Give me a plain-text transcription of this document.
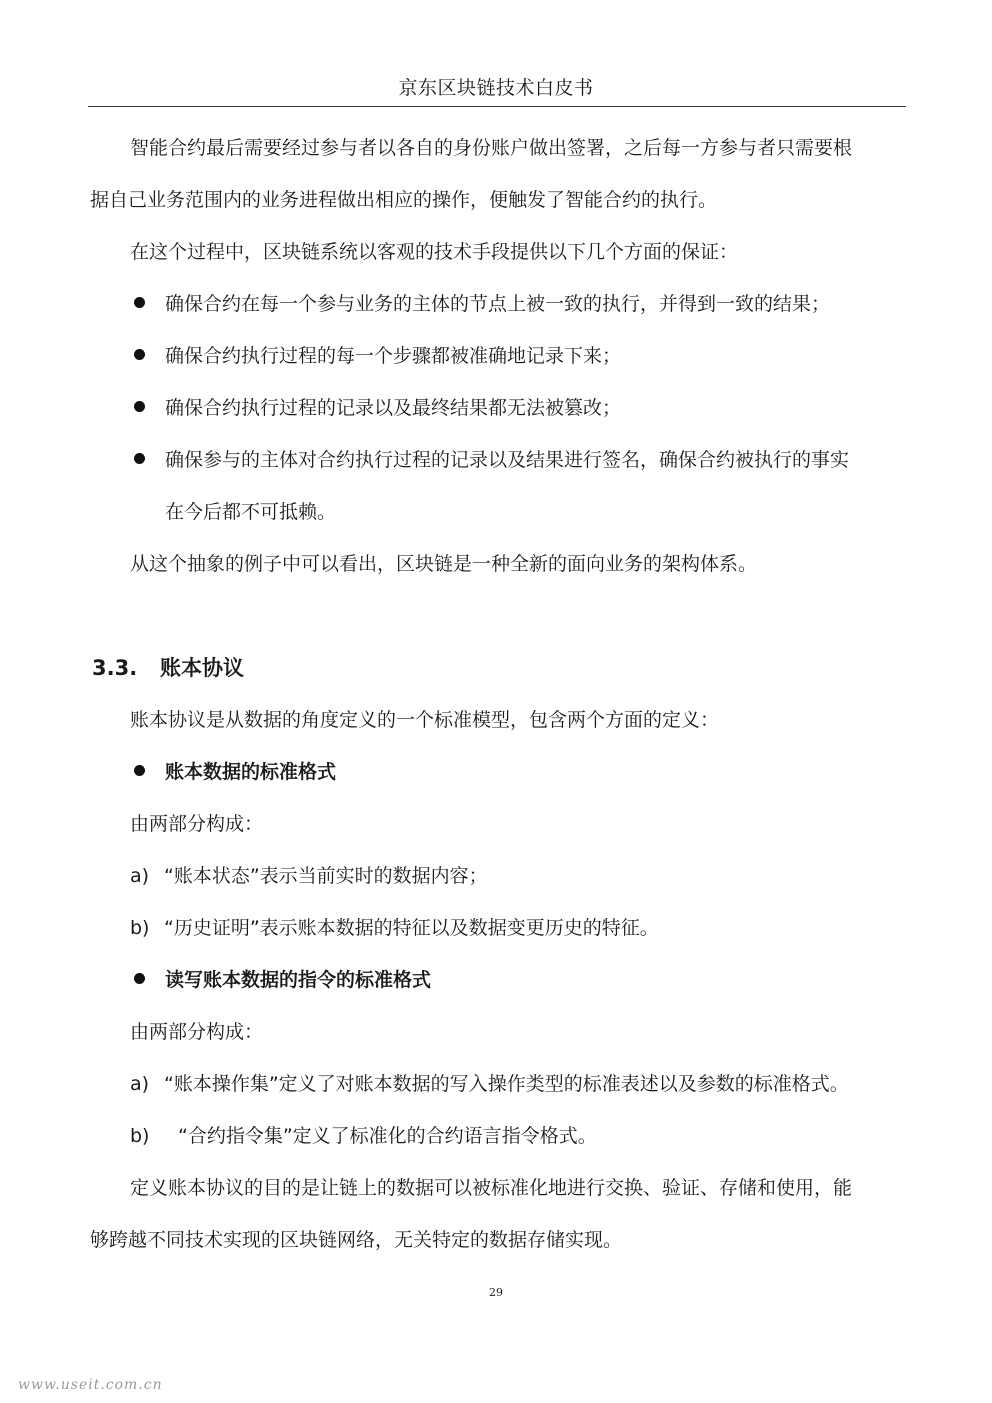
京东区块链技术白皮书
智能合约最后需要经过参与者以各自的身份账户做出签署，之后每一方参与者只需要根
据自己业务范围内的业务进程做出相应的操作，便触发了智能合约的执行。
在这个过程中，区块链系统以客观的技术手段提供以下几个方面的保证：
确保合约在每一个参与业务的主体的节点上被一致的执行，并得到一致的结果；
确保合约执行过程的每一个步骤都被准确地记录下来；
确保合约执行过程的记录以及最终结果都无法被篡改；
确保参与的主体对合约执行过程的记录以及结果进行签名，确保合约被执行的事实
在今后都不可抵赖。
从这个抽象的例子中可以看出，区块链是一种全新的面向业务的架构体系。
3.3. 账本协议
账本协议是从数据的角度定义的一个标准模型，包含两个方面的定义：
账本数据的标准格式
由两部分构成：
a) “账本状态”表示当前实时的数据内容；
b) “历史证明”表示账本数据的特征以及数据变更历史的特征。
读写账本数据的指令的标准格式
由两部分构成：
a) “账本操作集”定义了对账本数据的写入操作类型的标准表述以及参数的标准格式。
b) “合约指令集”定义了标准化的合约语言指令格式。
定义账本协议的目的是让链上的数据可以被标准化地进行交换、验证、存储和使用，能
够跨越不同技术实现的区块链网络，无关特定的数据存储实现。
29
www.useit.com.cn
